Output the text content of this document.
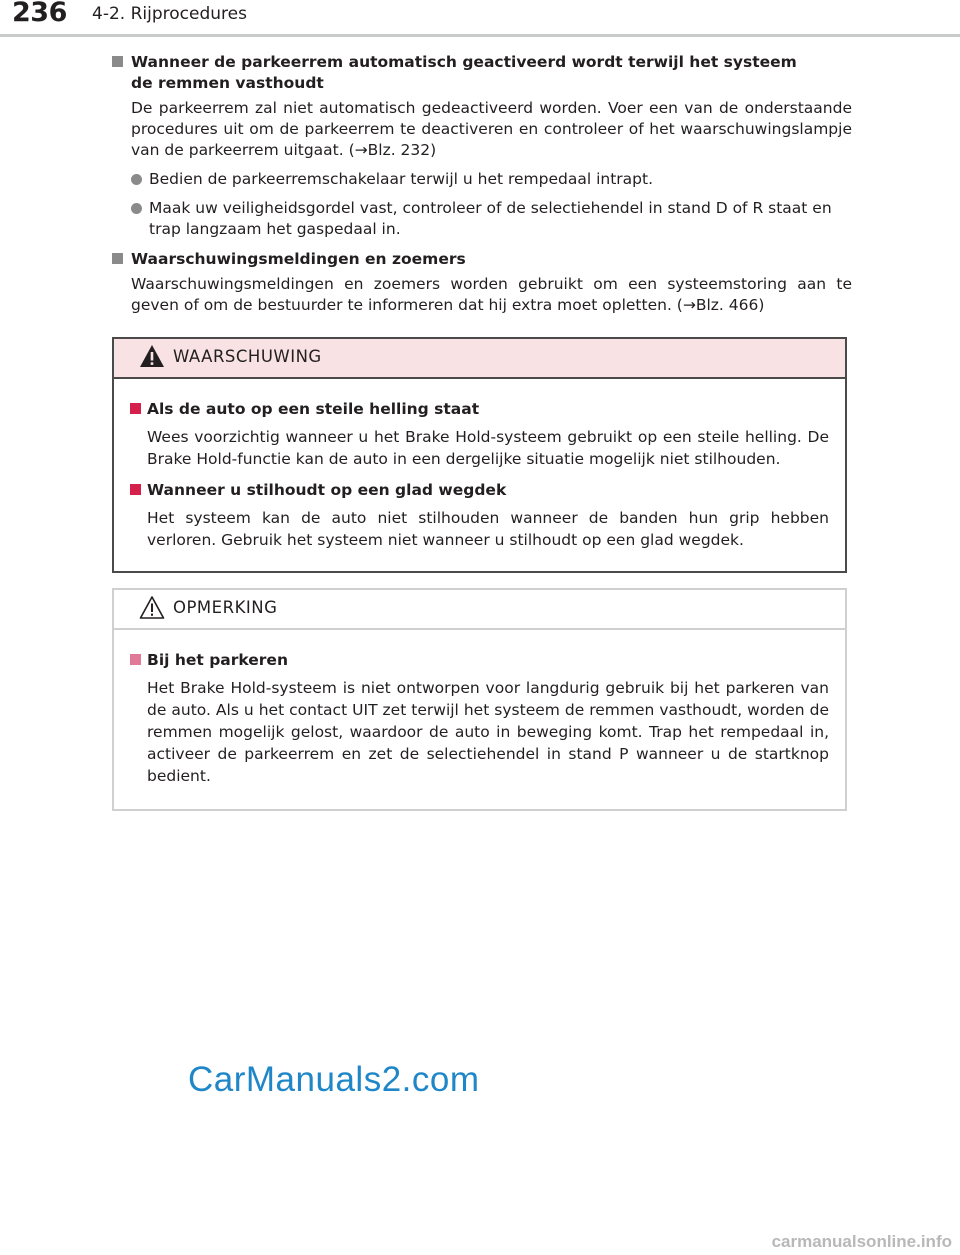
236 4-2. Rijprocedures
Wanneer de parkeerrem automatisch geactiveerd wordt terwijl het systeem
de remmen vasthoudt
De parkeerrem zal niet automatisch gedeactiveerd worden. Voer een van de onderstaande procedures uit om de parkeerrem te deactiveren en controleer of het waarschuwingslampje van de parkeerrem uitgaat. (→Blz. 232)
Bedien de parkeerremschakelaar terwijl u het rempedaal intrapt.
Maak uw veiligheidsgordel vast, controleer of de selectiehendel in stand D of R staat en trap langzaam het gaspedaal in.
Waarschuwingsmeldingen en zoemers
Waarschuwingsmeldingen en zoemers worden gebruikt om een systeemstoring aan te geven of om de bestuurder te informeren dat hij extra moet opletten. (→Blz. 466)
WAARSCHUWING
Als de auto op een steile helling staat
Wees voorzichtig wanneer u het Brake Hold-systeem gebruikt op een steile helling. De Brake Hold-functie kan de auto in een dergelijke situatie mogelijk niet stilhouden.
Wanneer u stilhoudt op een glad wegdek
Het systeem kan de auto niet stilhouden wanneer de banden hun grip hebben verloren. Gebruik het systeem niet wanneer u stilhoudt op een glad wegdek.
OPMERKING
Bij het parkeren
Het Brake Hold-systeem is niet ontworpen voor langdurig gebruik bij het parkeren van de auto. Als u het contact UIT zet terwijl het systeem de remmen vasthoudt, worden de remmen mogelijk gelost, waardoor de auto in beweging komt. Trap het rempedaal in, activeer de parkeerrem en zet de selectiehendel in stand P wanneer u de startknop bedient.
CarManuals2.com
carmanualsonline.info
